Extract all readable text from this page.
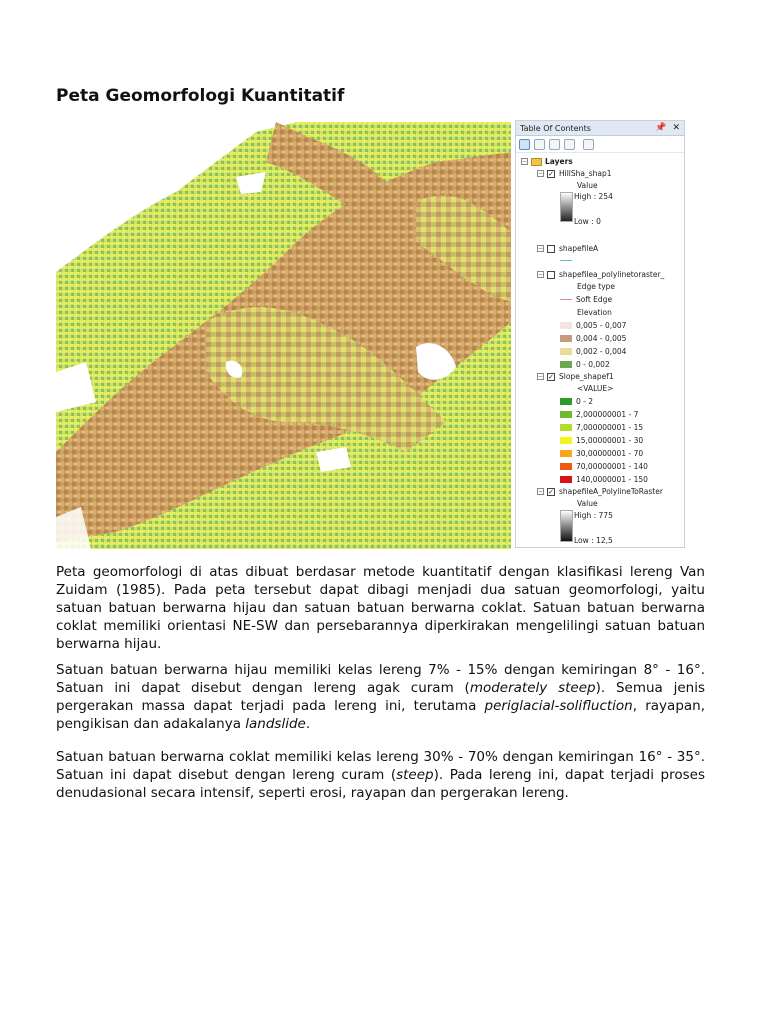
Peta Geomorfologi Kuantitatif
Table Of Contents	📌 ✕
− Layers
− ✓ HillSha_shap1
Value
High : 254
Low : 0
− shapefileA
− shapefilea_polylinetoraster_
Edge type
Soft Edge
Elevation
0,005 - 0,007
0,004 - 0,005
0,002 - 0,004
0 - 0,002
− ✓ Slope_shapef1
<VALUE>
0 - 2
2,000000001 - 7
7,000000001 - 15
15,00000001 - 30
30,00000001 - 70
70,00000001 - 140
140,0000001 - 150
− ✓ shapefileA_PolylineToRaster
Value
High : 775
Low : 12,5

Peta geomorfologi di atas dibuat berdasar metode kuantitatif dengan klasifikasi lereng Van Zuidam (1985). Pada peta tersebut dapat dibagi menjadi dua satuan geomorfologi, yaitu satuan batuan berwarna hijau dan satuan batuan berwarna coklat. Satuan batuan berwarna coklat memiliki orientasi NE-SW dan persebarannya diperkirakan mengelilingi satuan batuan berwarna hijau.

Satuan batuan berwarna hijau memiliki kelas lereng 7% - 15% dengan kemiringan 8° - 16°. Satuan ini dapat disebut dengan lereng agak curam (moderately steep). Semua jenis pergerakan massa dapat terjadi pada lereng ini, terutama periglacial-solifluction, rayapan, pengikisan dan adakalanya landslide.

Satuan batuan berwarna coklat memiliki kelas lereng 30% - 70% dengan kemiringan 16° - 35°. Satuan ini dapat disebut dengan lereng curam (steep). Pada lereng ini, dapat terjadi proses denudasional secara intensif, seperti erosi, rayapan dan pergerakan lereng.
